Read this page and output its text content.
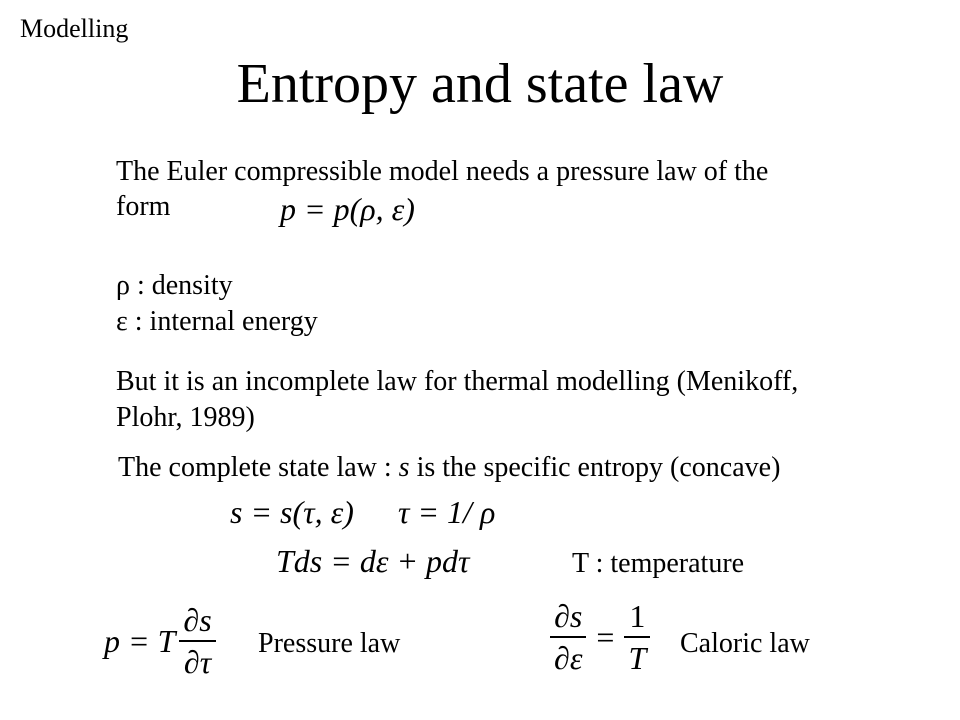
Modelling
Entropy and state law
The Euler compressible model needs a pressure law of the
form	p = p(ρ, ε)
ρ : density
ε : internal energy
But it is an incomplete law for thermal modelling (Menikoff,
Plohr, 1989)
The complete state law : s is the specific entropy (concave)
s = s(τ, ε) τ = 1/ ρ
Tds = dε + pdτ	T : temperature
p = T $\frac{\partial s}{\partial\tau}$ Pressure law	$\frac{\partial s}{\partial\varepsilon} = \frac{1}{T}$ Caloric law
